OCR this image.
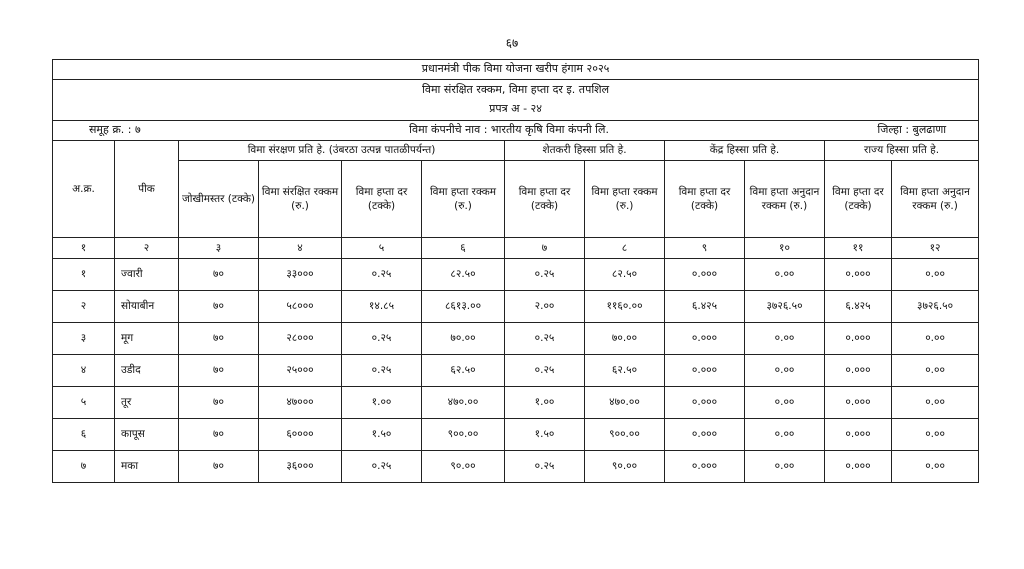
६७
प्रधानमंत्री पीक विमा योजना खरीप हंगाम २०२५											

विमा संरक्षित रक्कम, विमा हप्ता दर इ. तपशिल
प्रपत्र अ - २४											

समूह क्र. : ७ विमा कंपनीचे नाव : भारतीय कृषि विमा कंपनी लि. जिल्हा : बुलढाणा											

अ.क्र.	पीक	विमा संरक्षण प्रति हे. (उंबरठा उत्पन्न पातळीपर्यन्त)				शेतकरी हिस्सा प्रति हे.		केंद्र हिस्सा प्रति हे.		राज्य हिस्सा प्रति हे.	
		जोखीमस्तर (टक्के)	विमा संरक्षित रक्कम (रु.)	विमा हप्ता दर (टक्के)	विमा हप्ता रक्कम (रु.)	विमा हप्ता दर (टक्के)	विमा हप्ता रक्कम (रु.)	विमा हप्ता दर (टक्के)	विमा हप्ता अनुदान रक्कम (रु.)	विमा हप्ता दर (टक्के)	विमा हप्ता अनुदान रक्कम (रु.)
१	२	३	४	५	६	७	८	९	१०	११	१२
१	ज्वारी	७०	३३०००	०.२५	८२.५०	०.२५	८२.५०	०.०००	०.००	०.०००	०.००
२	सोयाबीन	७०	५८०००	१४.८५	८६१३.००	२.००	११६०.००	६.४२५	३७२६.५०	६.४२५	३७२६.५०
३	मूग	७०	२८०००	०.२५	७०.००	०.२५	७०.००	०.०००	०.००	०.०००	०.००
४	उडीद	७०	२५०००	०.२५	६२.५०	०.२५	६२.५०	०.०००	०.००	०.०००	०.००
५	तूर	७०	४७०००	१.००	४७०.००	१.००	४७०.००	०.०००	०.००	०.०००	०.००
६	कापूस	७०	६००००	१.५०	९००.००	१.५०	९००.००	०.०००	०.००	०.०००	०.००
७	मका	७०	३६०००	०.२५	९०.००	०.२५	९०.००	०.०००	०.००	०.०००	०.००
